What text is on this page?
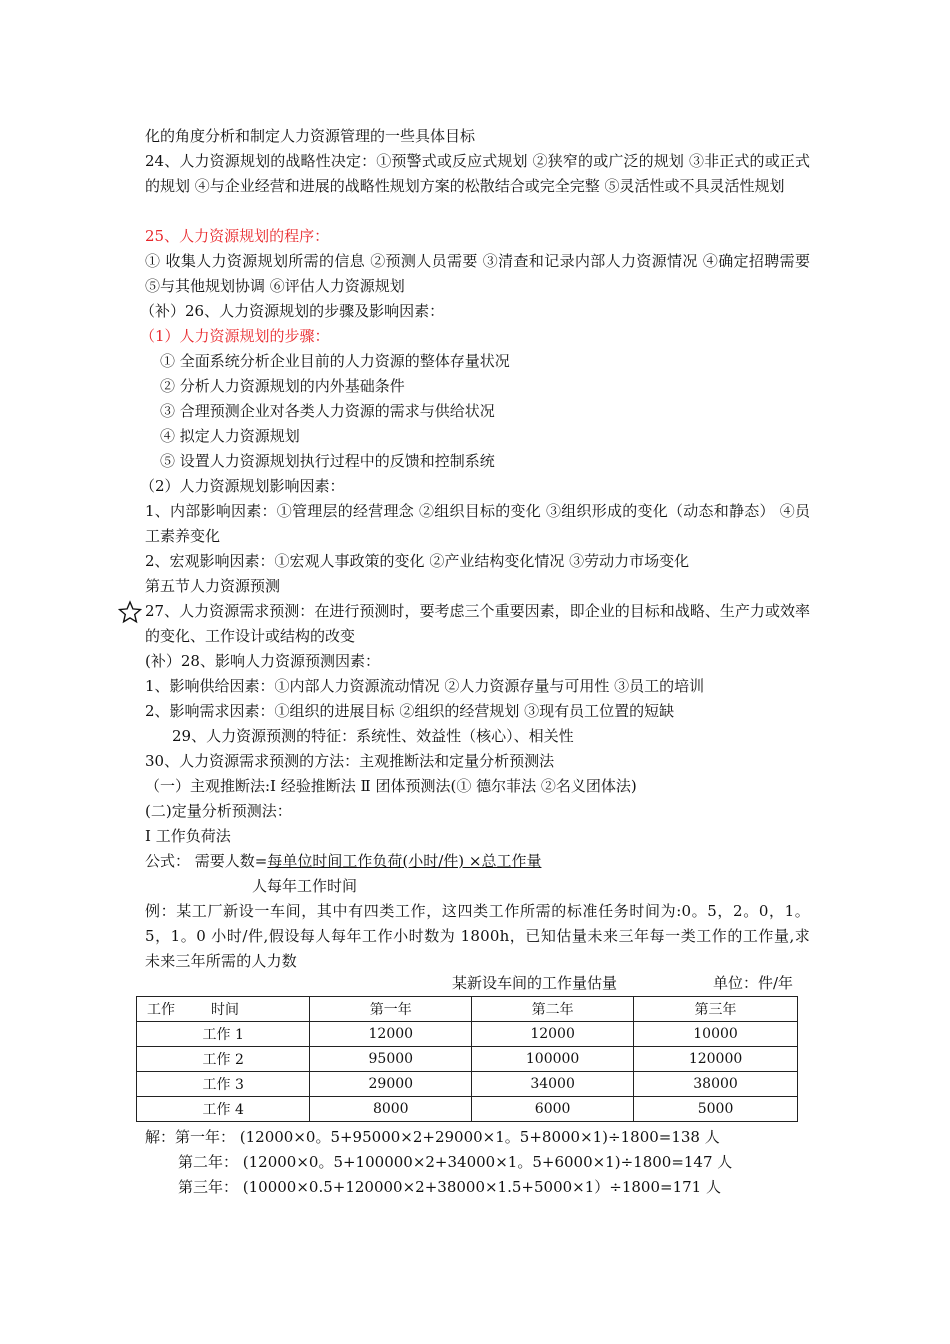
化的角度分析和制定人力资源管理的一些具体目标
24、人力资源规划的战略性决定：①预警式或反应式规划 ②狭窄的或广泛的规划 ③非正式的或正式的规划 ④与企业经营和进展的战略性规划方案的松散结合或完全完整 ⑤灵活性或不具灵活性规划
25、人力资源规划的程序：
① 收集人力资源规划所需的信息 ②预测人员需要 ③清查和记录内部人力资源情况 ④确定招聘需要 ⑤与其他规划协调 ⑥评估人力资源规划
（补）26、人力资源规划的步骤及影响因素：
（1）人力资源规划的步骤：
① 全面系统分析企业目前的人力资源的整体存量状况
② 分析人力资源规划的内外基础条件
③ 合理预测企业对各类人力资源的需求与供给状况
④ 拟定人力资源规划
⑤ 设置人力资源规划执行过程中的反馈和控制系统
（2）人力资源规划影响因素：
1、内部影响因素：①管理层的经营理念 ②组织目标的变化 ③组织形成的变化（动态和静态） ④员工素养变化
2、宏观影响因素：①宏观人事政策的变化 ②产业结构变化情况 ③劳动力市场变化
第五节人力资源预测
27、人力资源需求预测：在进行预测时，要考虑三个重要因素，即企业的目标和战略、生产力或效率的变化、工作设计或结构的改变
(补）28、影响人力资源预测因素：
1、影响供给因素：①内部人力资源流动情况 ②人力资源存量与可用性 ③员工的培训
2、影响需求因素：①组织的进展目标 ②组织的经营规划 ③现有员工位置的短缺
29、人力资源预测的特征：系统性、效益性（核心）、相关性
30、人力资源需求预测的方法：主观推断法和定量分析预测法
（一）主观推断法:Ⅰ 经验推断法 Ⅱ 团体预测法(① 德尔菲法 ②名义团体法)
(二)定量分析预测法：
Ⅰ 工作负荷法
公式： 需要人数=每单位时间工作负荷(小时/件) ×总工作量
人每年工作时间
例：某工厂新设一车间，其中有四类工作，这四类工作所需的标准任务时间为:0。5，2。0，1。5，1。0 小时/件,假设每人每年工作小时数为 1800h，已知估量未来三年每一类工作的工作量,求未来三年所需的人力数
某新设车间的工作量估量	单位：件/年
工作 时间	第一年	第二年	第三年
工作 1	12000	12000	10000
工作 2	95000	100000	120000
工作 3	29000	34000	38000
工作 4	8000	6000	5000
解：第一年： (12000×0。5+95000×2+29000×1。5+8000×1)÷1800=138 人
第二年： (12000×0。5+100000×2+34000×1。5+6000×1)÷1800=147 人
第三年： (10000×0.5+120000×2+38000×1.5+5000×1）÷1800=171 人
